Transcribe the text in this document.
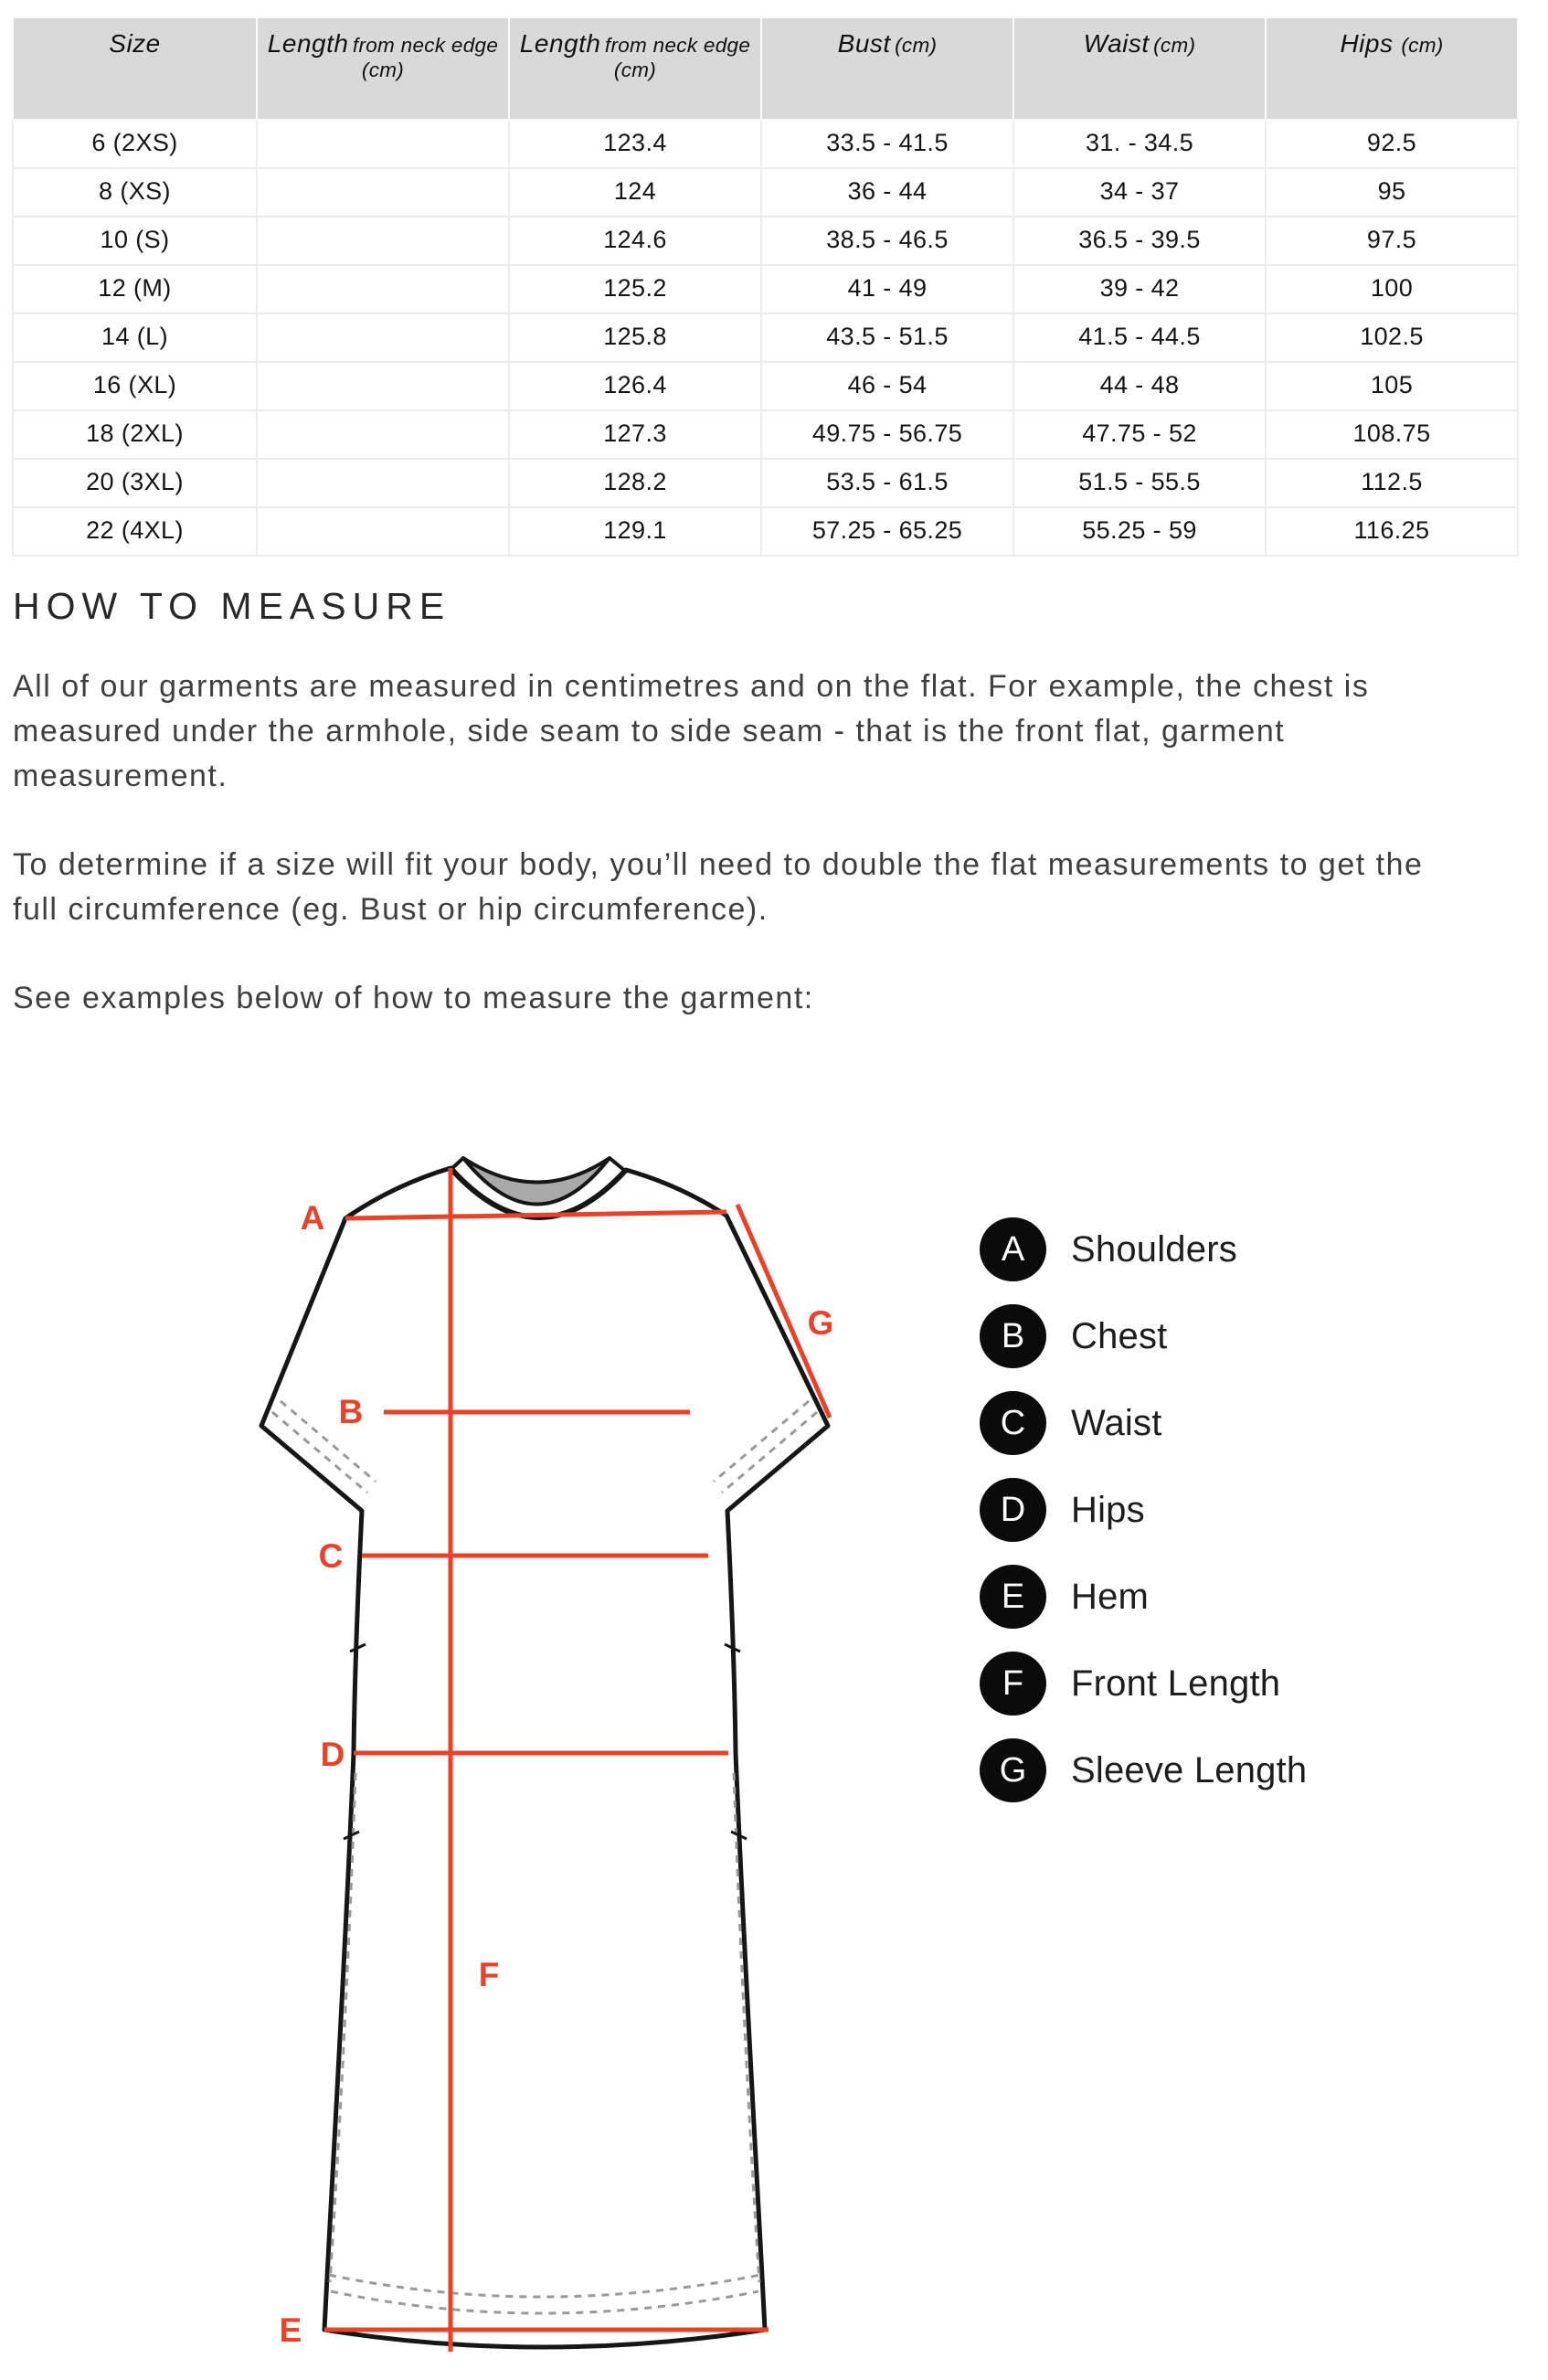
Size	Length from neck edge (cm)	Length from neck edge (cm)	Bust (cm)	Waist (cm)	Hips (cm)
6 (2XS)		123.4	33.5 - 41.5	31. - 34.5	92.5
8 (XS)		124	36 - 44	34 - 37	95
10 (S)		124.6	38.5 - 46.5	36.5 - 39.5	97.5
12 (M)		125.2	41 - 49	39 - 42	100
14 (L)		125.8	43.5 - 51.5	41.5 - 44.5	102.5
16 (XL)		126.4	46 - 54	44 - 48	105
18 (2XL)		127.3	49.75 - 56.75	47.75 - 52	108.75
20 (3XL)		128.2	53.5 - 61.5	51.5 - 55.5	112.5
22 (4XL)		129.1	57.25 - 65.25	55.25 - 59	116.25
HOW TO MEASURE

All of our garments are measured in centimetres and on the flat. For example, the chest is measured under the armhole, side seam to side seam - that is the front flat, garment measurement.

To determine if a size will fit your body, you’ll need to double the flat measurements to get the full circumference (eg. Bust or hip circumference).

See examples below of how to measure the garment:

A
B
C
D
E
F
G
A	Shoulders
B	Chest
C	Waist
D	Hips
E	Hem
F	Front Length
G	Sleeve Length
